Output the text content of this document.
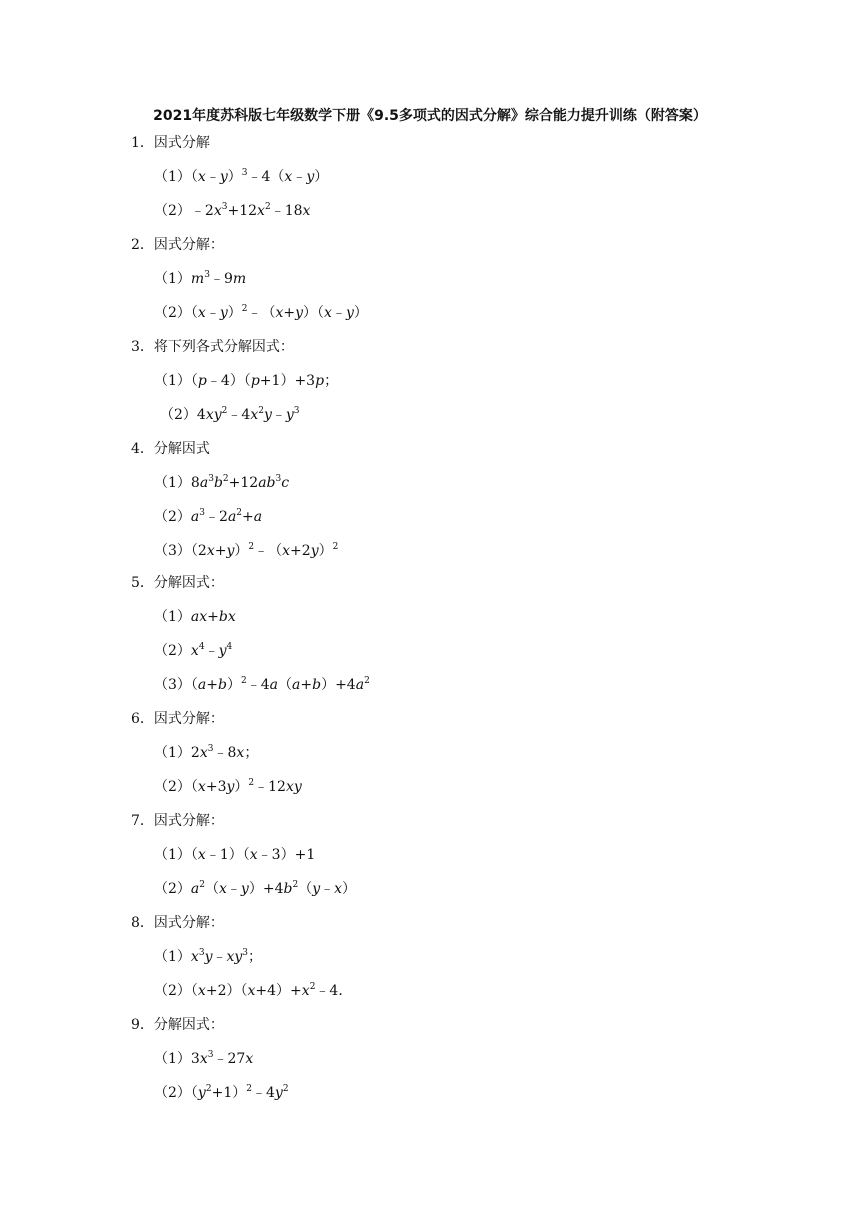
2021年度苏科版七年级数学下册《9.5多项式的因式分解》综合能力提升训练（附答案）
1．因式分解
（1）（x﹣y）$^3$﹣4（x﹣y）
$(2)﹣2x^3+12x^2﹣18x$
2．因式分解：
$(1)m^3﹣9m$
（2）（x﹣y）$^2$﹣（x+y）（x﹣y）
3．将下列各式分解因式：
（1）（p﹣4）（p+1）+3p；
$(2)4xy^2﹣4x^2y﹣y^3$
4．分解因式
$(1)8a^3b^2+12ab^3c$
$(2)a^3﹣2a^2+a$
$(3)(2x+y)^2﹣(x+2y)^2$
5．分解因式：
（1）ax+bx
$(2)x^4﹣y^4$
$(3)(a+b)^2﹣4a(a+b)+4a^2$
6．因式分解：
$(1)2x^3﹣8x$；
$(2)(x+3y)^2﹣12xy$
7．因式分解：
（1）（x﹣1）（x﹣3）+1
$(2)a^2(x﹣y)+4b^2(y﹣x)$
8．因式分解：
$(1)x^3y﹣xy^3$；
$(2)(x+2)(x+4)+x^2﹣4$．
9．分解因式：
$(1)3x^3﹣27x$
$(2)(y^2+1)^2﹣4y^2$
